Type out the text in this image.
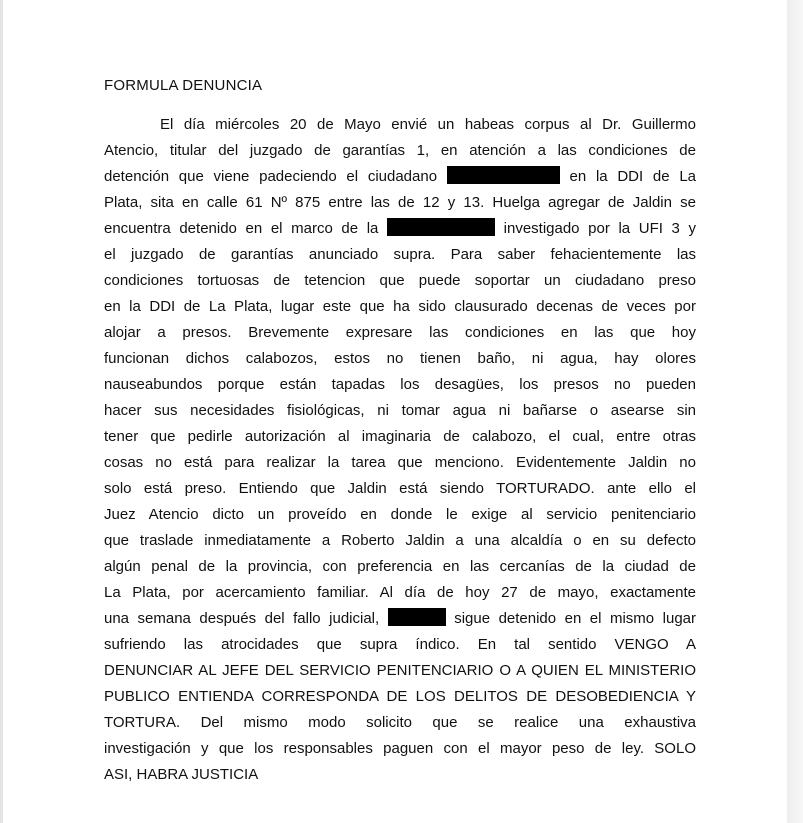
FORMULA DENUNCIA
El día miércoles 20 de Mayo envié un habeas corpus al Dr. Guillermo
Atencio, titular del juzgado de garantías 1, en atención a las condiciones de
detención que viene padeciendo el ciudadano	en la DDI de La
Plata, sita en calle 61 Nº 875 entre las de 12 y 13. Huelga agregar de Jaldin se
encuentra detenido en el marco de la	investigado por la UFI 3 y
el juzgado de garantías anunciado supra. Para saber fehacientemente las
condiciones tortuosas de tetencion que puede soportar un ciudadano preso
en la DDI de La Plata, lugar este que ha sido clausurado decenas de veces por
alojar a presos. Brevemente expresare las condiciones en las que hoy
funcionan dichos calabozos, estos no tienen baño, ni agua, hay olores
nauseabundos porque están tapadas los desagües, los presos no pueden
hacer sus necesidades fisiológicas, ni tomar agua ni bañarse o asearse sin
tener que pedirle autorización al imaginaria de calabozo, el cual, entre otras
cosas no está para realizar la tarea que menciono. Evidentemente Jaldin no
solo está preso. Entiendo que Jaldin está siendo TORTURADO. ante ello el
Juez Atencio dicto un proveído en donde le exige al servicio penitenciario
que traslade inmediatamente a Roberto Jaldin a una alcaldía o en su defecto
algún penal de la provincia, con preferencia en las cercanías de la ciudad de
La Plata, por acercamiento familiar. Al día de hoy 27 de mayo, exactamente
una semana después del fallo judicial,	sigue detenido en el mismo lugar
sufriendo las atrocidades que supra índico. En tal sentido VENGO A
DENUNCIAR AL JEFE DEL SERVICIO PENITENCIARIO O A QUIEN EL MINISTERIO
PUBLICO ENTIENDA CORRESPONDA DE LOS DELITOS DE DESOBEDIENCIA Y
TORTURA. Del mismo modo solicito que se realice una exhaustiva
investigación y que los responsables paguen con el mayor peso de ley. SOLO
ASI, HABRA JUSTICIA
